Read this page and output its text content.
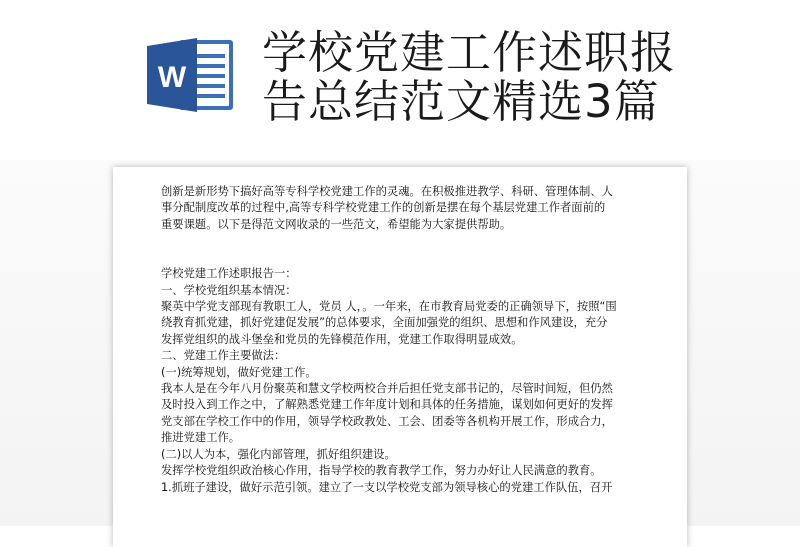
W 学校党建工作述职报
告总结范文精选3篇

创新是新形势下搞好高等专科学校党建工作的灵魂。在积极推进教学、科研、管理体制、人

事分配制度改革的过程中,高等专科学校党建工作的创新是摆在每个基层党建工作者面前的

重要课题。以下是得范文网收录的一些范文，希望能为大家提供帮助。

学校党建工作述职报告一：

一、学校党组织基本情况：

聚英中学党支部现有教职工人，党员 人，。一年来，在市教育局党委的正确领导下，按照“围

绕教育抓党建，抓好党建促发展”的总体要求，全面加强党的组织、思想和作风建设，充分

发挥党组织的战斗堡垒和党员的先锋模范作用，党建工作取得明显成效。

二、党建工作主要做法：

(一)统筹规划，做好党建工作。

我本人是在今年八月份聚英和慧文学校两校合并后担任党支部书记的，尽管时间短，但仍然

及时投入到工作之中，了解熟悉党建工作年度计划和具体的任务措施，谋划如何更好的发挥

党支部在学校工作中的作用，领导学校政教处、工会、团委等各机构开展工作，形成合力，

推进党建工作。

(二)以人为本，强化内部管理，抓好组织建设。

发挥学校党组织政治核心作用，指导学校的教育教学工作，努力办好让人民满意的教育。

1.抓班子建设，做好示范引领。建立了一支以学校党支部为领导核心的党建工作队伍，召开
